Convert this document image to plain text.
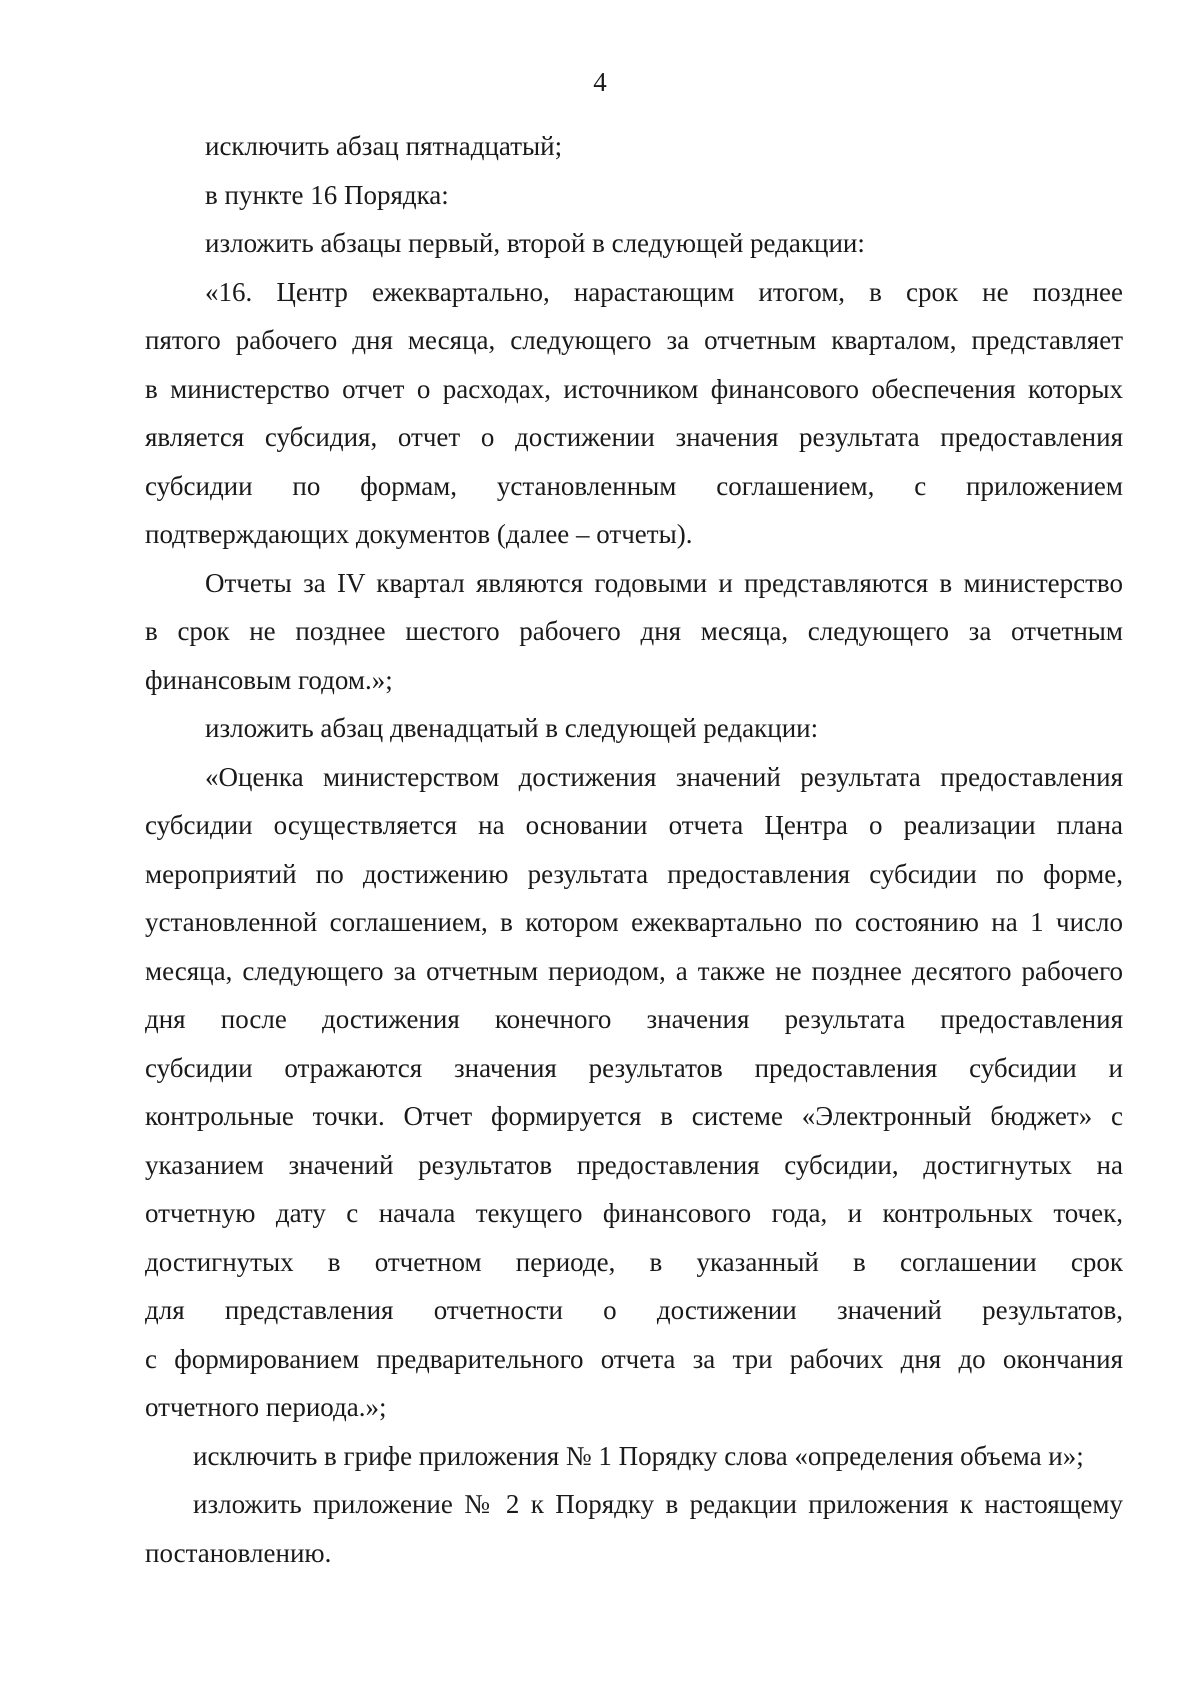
4
исключить абзац пятнадцатый;
в пункте 16 Порядка:
изложить абзацы первый, второй в следующей редакции:
«16. Центр ежеквартально, нарастающим итогом, в срок не позднее
пятого рабочего дня месяца, следующего за отчетным кварталом, представляет
в министерство отчет о расходах, источником финансового обеспечения которых
является субсидия, отчет о достижении значения результата предоставления
субсидии по формам, установленным соглашением, с приложением
подтверждающих документов (далее – отчеты).
Отчеты за IV квартал являются годовыми и представляются в министерство
в срок не позднее шестого рабочего дня месяца, следующего за отчетным
финансовым годом.»;
изложить абзац двенадцатый в следующей редакции:
«Оценка министерством достижения значений результата предоставления
субсидии осуществляется на основании отчета Центра о реализации плана
мероприятий по достижению результата предоставления субсидии по форме,
установленной соглашением, в котором ежеквартально по состоянию на 1 число
месяца, следующего за отчетным периодом, а также не позднее десятого рабочего
дня после достижения конечного значения результата предоставления
субсидии отражаются значения результатов предоставления субсидии и
контрольные точки. Отчет формируется в системе «Электронный бюджет» с
указанием значений результатов предоставления субсидии, достигнутых на
отчетную дату с начала текущего финансового года, и контрольных точек,
достигнутых в отчетном периоде, в указанный в соглашении срок
для представления отчетности о достижении значений результатов,
с формированием предварительного отчета за три рабочих дня до окончания
отчетного периода.»;
исключить в грифе приложения № 1 Порядку слова «определения объема и»;
изложить приложение № 2 к Порядку в редакции приложения к настоящему
постановлению.
